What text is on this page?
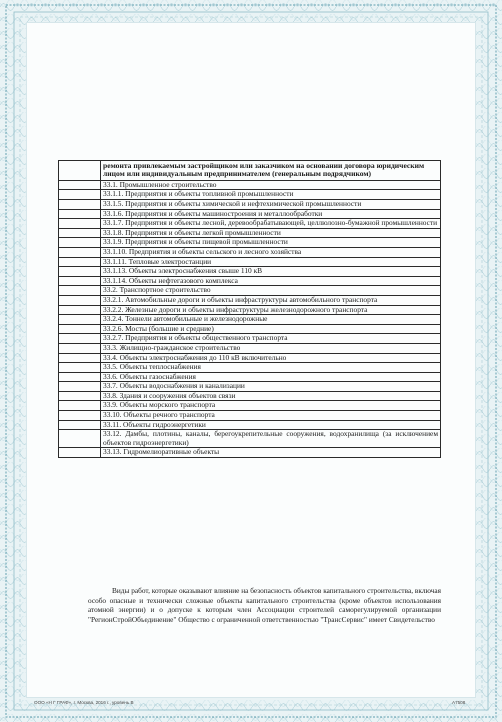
	ремонта привлекаемым застройщиком или заказчиком на основании договора юридическим лицом или индивидуальным предпринимателем (генеральным подрядчиком)
	33.1. Промышленное строительство
	33.1.1. Предприятия и объекты топливной промышленности
	33.1.5. Предприятия и объекты химической и нефтехимической промышленности
	33.1.6. Предприятия и объекты машиностроения и металлообработки
	33.1.7. Предприятия и объекты лесной, деревообрабатывающей, целлюлозно-бумажной промышленности
	33.1.8. Предприятия и объекты легкой промышленности
	33.1.9. Предприятия и объекты пищевой промышленности
	33.1.10. Предприятия и объекты сельского и лесного хозяйства
	33.1.11. Тепловые электростанции
	33.1.13. Объекты электроснабжения свыше 110 кВ
	33.1.14. Объекты нефтегазового комплекса
	33.2. Транспортное строительство
	33.2.1. Автомобильные дороги и объекты инфраструктуры автомобильного транспорта
	33.2.2. Железные дороги и объекты инфраструктуры железнодорожного транспорта
	33.2.4. Тоннели автомобильные и железнодорожные
	33.2.6. Мосты (большие и средние)
	33.2.7. Предприятия и объекты общественного транспорта
	33.3. Жилищно-гражданское строительство
	33.4. Объекты электроснабжения до 110 кВ включительно
	33.5. Объекты теплоснабжения
	33.6. Объекты газоснабжения
	33.7. Объекты водоснабжения и канализации
	33.8. Здания и сооружения объектов связи
	33.9. Объекты морского транспорта
	33.10. Объекты речного транспорта
	33.11. Объекты гидроэнергетики
	33.12. Дамбы, плотины, каналы, берегоукрепительные сооружения, водохранилища (за исключением объектов гидроэнергетики)
	33.13. Гидромелиоративные объекты
Виды работ, которые оказывают влияние на безопасность объектов капитального строительства, включая особо опасные и технически сложные объекты капитального строительства (кроме объектов использования атомной энергии) и о допуске к которым член Ассоциации строителей саморегулируемой организации "РегионСтройОбъединение" Общество с ограниченной ответственностью "ТрансСервис" имеет Свидетельство
ООО «Н Г ГРАФ», г. Москва, 2016 г., уровень В	А7508
